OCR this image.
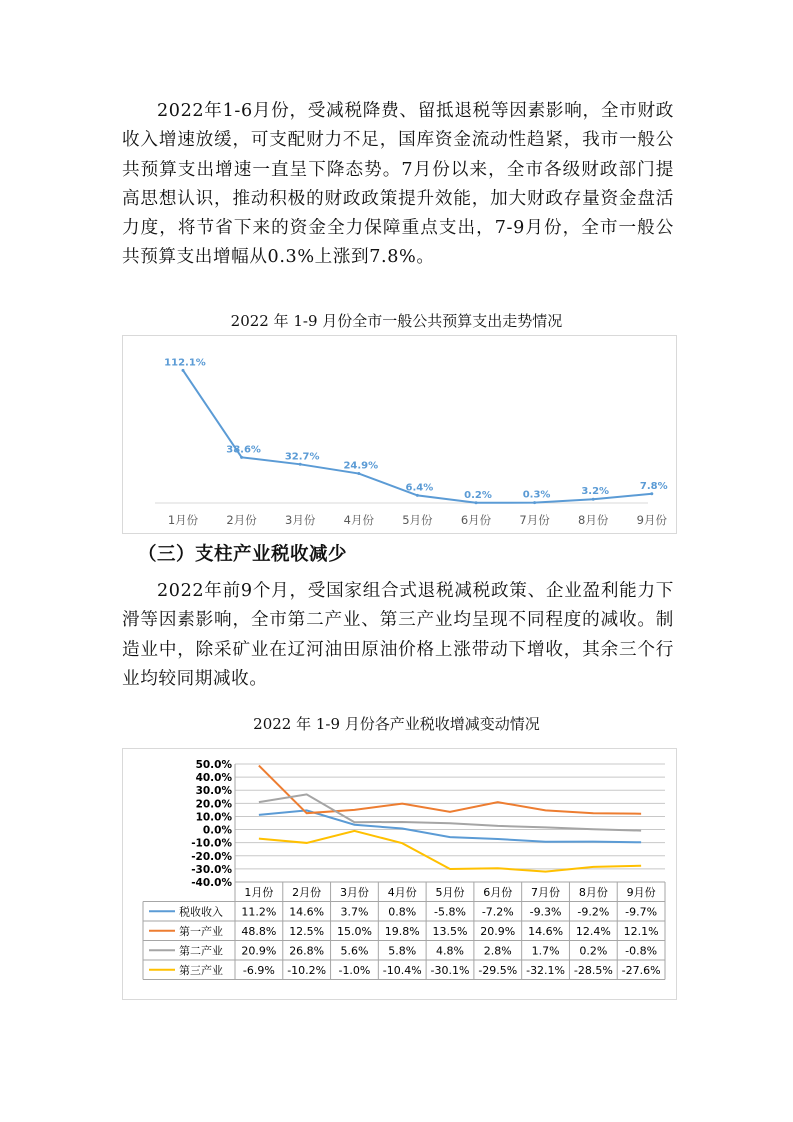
2022年1-6月份，受减税降费、留抵退税等因素影响，全市财政收入增速放缓，可支配财力不足，国库资金流动性趋紧，我市一般公共预算支出增速一直呈下降态势。7月份以来，全市各级财政部门提高思想认识，推动积极的财政政策提升效能，加大财政存量资金盘活力度，将节省下来的资金全力保障重点支出，7-9月份，全市一般公共预算支出增幅从0.3%上涨到7.8%。

2022 年 1-9 月份全市一般公共预算支出走势情况
112.1%
38.6%
32.7%
24.9%
6.4%
0.2%	0.3%	3.2%	7.8%
1月份 2月份 3月份 4月份 5月份 6月份 7月份 8月份 9月份
（三）支柱产业税收减少

2022年前9个月，受国家组合式退税减税政策、企业盈利能力下滑等因素影响，全市第二产业、第三产业均呈现不同程度的减收。制造业中，除采矿业在辽河油田原油价格上涨带动下增收，其余三个行业均较同期减收。

2022 年 1-9 月份各产业税收增减变动情况
50.0%
40.0%
30.0%
20.0%
10.0%
0.0%
-10.0%
-20.0%
-30.0%
-40.0%
1月份 2月份 3月份 4月份 5月份 6月份 7月份 8月份 9月份
税收收入 11.2% 14.6% 3.7% 0.8% -5.8% -7.2% -9.3% -9.2% -9.7%
第一产业 48.8% 12.5% 15.0% 19.8% 13.5% 20.9% 14.6% 12.4% 12.1%
第二产业 20.9% 26.8% 5.6% 5.8% 4.8% 2.8% 1.7% 0.2% -0.8%
第三产业 -6.9% -10.2% -1.0% -10.4% -30.1% -29.5% -32.1% -28.5% -27.6%
